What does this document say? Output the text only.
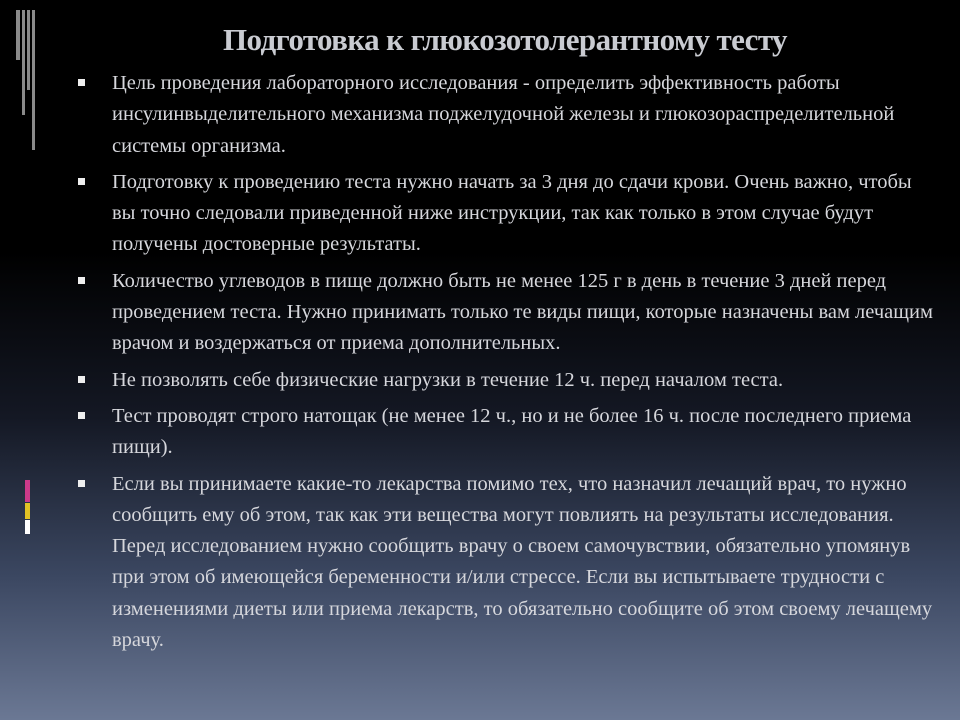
Подготовка к глюкозотолерантному тесту
Цель проведения лабораторного исследования - определить эффективность работы инсулинвыделительного механизма поджелудочной железы и глюкозораспределительной системы организма.
Подготовку к проведению теста нужно начать за 3 дня до сдачи крови. Очень важно, чтобы вы точно следовали приведенной ниже инструкции, так как только в этом случае будут получены достоверные результаты.
Количество углеводов в пище должно быть не менее 125 г в день в течение 3 дней перед проведением теста. Нужно принимать только те виды пищи, которые назначены вам лечащим врачом и воздержаться от приема дополнительных.
Не позволять себе физические нагрузки в течение 12 ч. перед началом теста.
Тест проводят строго натощак (не менее 12 ч., но и не более 16 ч. после последнего приема пищи).
Если вы принимаете какие-то лекарства помимо тех, что назначил лечащий врач, то нужно сообщить ему об этом, так как эти вещества могут повлиять на результаты исследования. Перед исследованием нужно сообщить врачу о своем самочувствии, обязательно упомянув при этом об имеющейся беременности и/или стрессе. Если вы испытываете трудности с изменениями диеты или приема лекарств, то обязательно сообщите об этом своему лечащему врачу.
